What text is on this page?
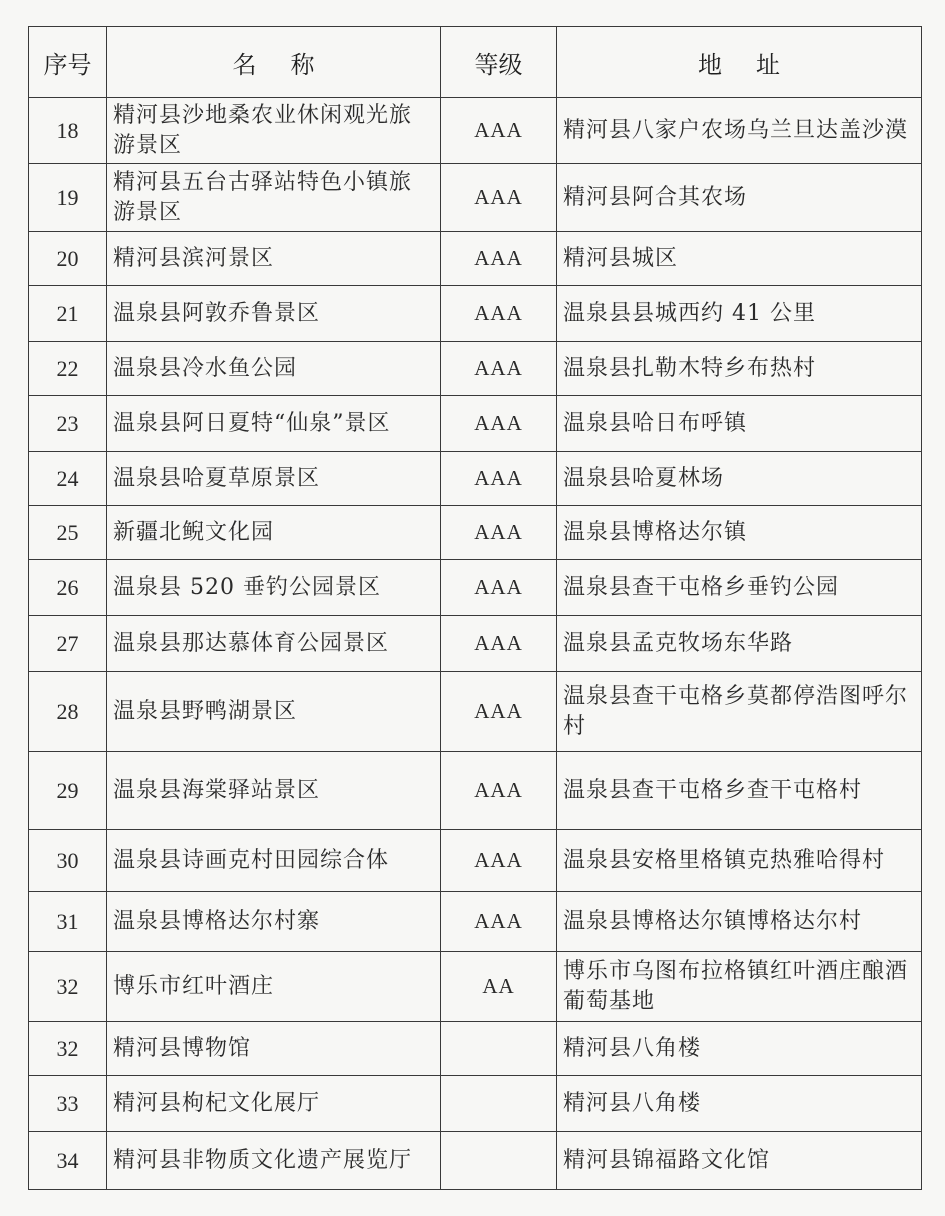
序号	名称	等级	地址
18	精河县沙地桑农业休闲观光旅游景区	AAA	精河县八家户农场乌兰旦达盖沙漠
19	精河县五台古驿站特色小镇旅游景区	AAA	精河县阿合其农场
20	精河县滨河景区	AAA	精河县城区
21	温泉县阿敦乔鲁景区	AAA	温泉县县城西约 41 公里
22	温泉县冷水鱼公园	AAA	温泉县扎勒木特乡布热村
23	温泉县阿日夏特“仙泉”景区	AAA	温泉县哈日布呼镇
24	温泉县哈夏草原景区	AAA	温泉县哈夏林场
25	新疆北鲵文化园	AAA	温泉县博格达尔镇
26	温泉县 520 垂钓公园景区	AAA	温泉县查干屯格乡垂钓公园
27	温泉县那达慕体育公园景区	AAA	温泉县孟克牧场东华路
28	温泉县野鸭湖景区	AAA	温泉县查干屯格乡莫都停浩图呼尔村
29	温泉县海棠驿站景区	AAA	温泉县查干屯格乡查干屯格村
30	温泉县诗画克村田园综合体	AAA	温泉县安格里格镇克热雅哈得村
31	温泉县博格达尔村寨	AAA	温泉县博格达尔镇博格达尔村
32	博乐市红叶酒庄	AA	博乐市乌图布拉格镇红叶酒庄酿酒葡萄基地
32	精河县博物馆		精河县八角楼
33	精河县枸杞文化展厅		精河县八角楼
34	精河县非物质文化遗产展览厅		精河县锦福路文化馆
